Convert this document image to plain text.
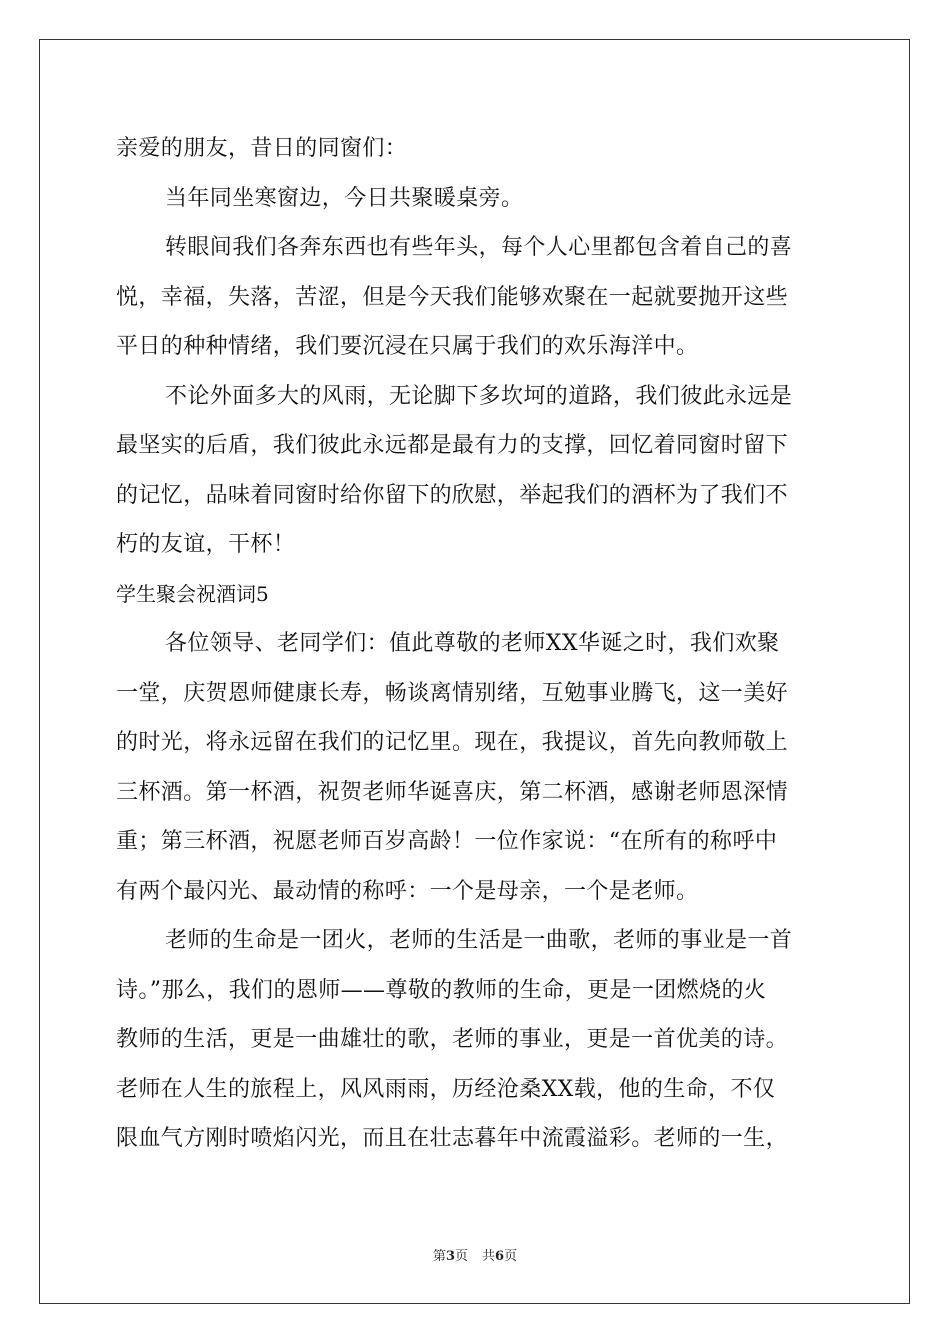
亲爱的朋友，昔日的同窗们：
当年同坐寒窗边，今日共聚暖桌旁。
转眼间我们各奔东西也有些年头，每个人心里都包含着自己的喜
悦，幸福，失落，苦涩，但是今天我们能够欢聚在一起就要抛开这些
平日的种种情绪，我们要沉浸在只属于我们的欢乐海洋中。
不论外面多大的风雨，无论脚下多坎坷的道路，我们彼此永远是
最坚实的后盾，我们彼此永远都是最有力的支撑，回忆着同窗时留下
的记忆，品味着同窗时给你留下的欣慰，举起我们的酒杯为了我们不
朽的友谊，干杯！
学生聚会祝酒词5
各位领导、老同学们：值此尊敬的老师XX华诞之时，我们欢聚
一堂，庆贺恩师健康长寿，畅谈离情别绪，互勉事业腾飞，这一美好
的时光，将永远留在我们的记忆里。现在，我提议，首先向教师敬上
三杯酒。第一杯酒，祝贺老师华诞喜庆，第二杯酒，感谢老师恩深情
重；第三杯酒，祝愿老师百岁高龄！一位作家说：“在所有的称呼中
有两个最闪光、最动情的称呼：一个是母亲，一个是老师。
老师的生命是一团火，老师的生活是一曲歌，老师的事业是一首
诗。”那么，我们的恩师——尊敬的教师的生命，更是一团燃烧的火
教师的生活，更是一曲雄壮的歌，老师的事业，更是一首优美的诗。
老师在人生的旅程上，风风雨雨，历经沧桑XX载，他的生命，不仅
限血气方刚时喷焰闪光，而且在壮志暮年中流霞溢彩。老师的一生，
第3页 共6页
